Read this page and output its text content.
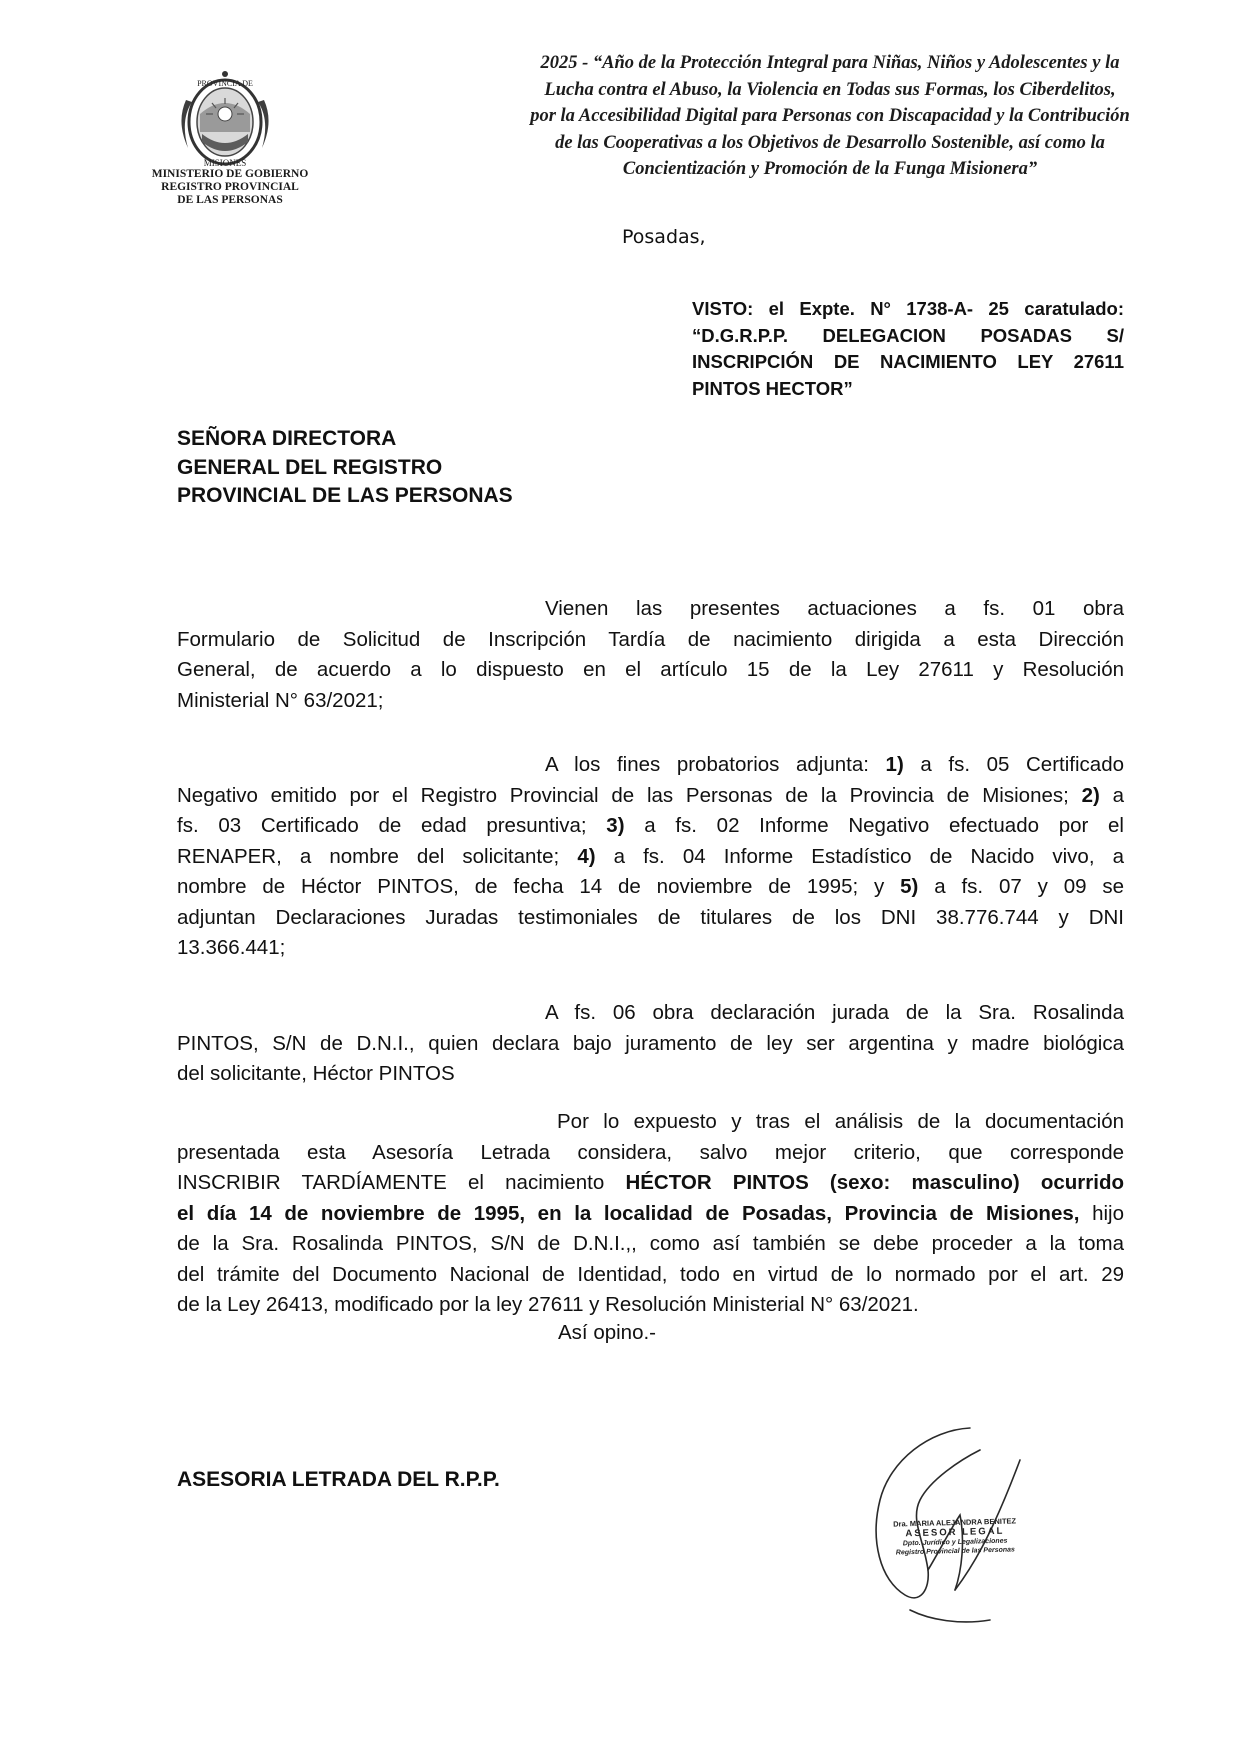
PROVINCIA DE
MISIONES
MINISTERIO DE GOBIERNO
REGISTRO PROVINCIAL
DE LAS PERSONAS
2025 - “Año de la Protección Integral para Niñas, Niños y Adolescentes y la
Lucha contra el Abuso, la Violencia en Todas sus Formas, los Ciberdelitos,
por la Accesibilidad Digital para Personas con Discapacidad y la Contribución
de las Cooperativas a los Objetivos de Desarrollo Sostenible, así como la
Concientización y Promoción de la Funga Misionera”
Posadas,
VISTO: el Expte. N° 1738-A- 25 caratulado:
“D.G.R.P.P. DELEGACION POSADAS S/
INSCRIPCIÓN DE NACIMIENTO LEY 27611
PINTOS HECTOR”
SEÑORA DIRECTORA
GENERAL DEL REGISTRO
PROVINCIAL DE LAS PERSONAS
Vienen las presentes actuaciones a fs. 01 obra
Formulario de Solicitud de Inscripción Tardía de nacimiento dirigida a esta Dirección
General, de acuerdo a lo dispuesto en el artículo 15 de la Ley 27611 y Resolución
Ministerial N° 63/2021;
A los fines probatorios adjunta: 1) a fs. 05 Certificado
Negativo emitido por el Registro Provincial de las Personas de la Provincia de Misiones; 2) a
fs. 03 Certificado de edad presuntiva; 3) a fs. 02 Informe Negativo efectuado por el
RENAPER, a nombre del solicitante; 4) a fs. 04 Informe Estadístico de Nacido vivo, a
nombre de Héctor PINTOS, de fecha 14 de noviembre de 1995; y 5) a fs. 07 y 09 se
adjuntan Declaraciones Juradas testimoniales de titulares de los DNI 38.776.744 y DNI
13.366.441;
A fs. 06 obra declaración jurada de la Sra. Rosalinda
PINTOS, S/N de D.N.I., quien declara bajo juramento de ley ser argentina y madre biológica
del solicitante, Héctor PINTOS
Por lo expuesto y tras el análisis de la documentación
presentada esta Asesoría Letrada considera, salvo mejor criterio, que corresponde
INSCRIBIR TARDÍAMENTE el nacimiento HÉCTOR PINTOS (sexo: masculino) ocurrido
el día 14 de noviembre de 1995, en la localidad de Posadas, Provincia de Misiones, hijo
de la Sra. Rosalinda PINTOS, S/N de D.N.I.,, como así también se debe proceder a la toma
del trámite del Documento Nacional de Identidad, todo en virtud de lo normado por el art. 29
de la Ley 26413, modificado por la ley 27611 y Resolución Ministerial N° 63/2021.
Así opino.-
ASESORIA LETRADA DEL R.P.P.
Dra. MARIA ALEJANDRA BENITEZ
ASESOR LEGAL
Dpto. Jurídico y Legalizaciones
Registro Provincial de las Personas
